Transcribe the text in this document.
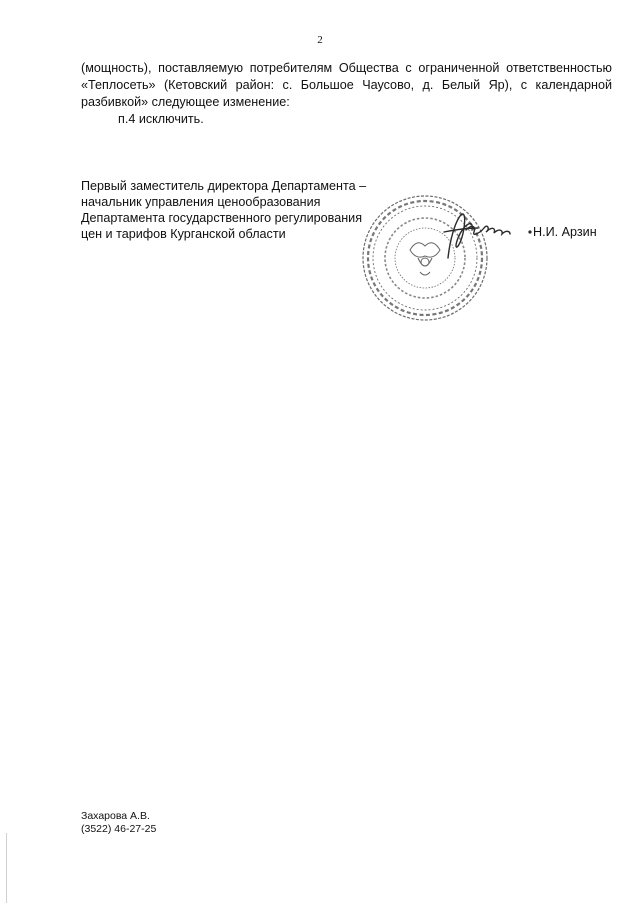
2

(мощность), поставляемую потребителям Общества с ограниченной ответственностью «Теплосеть» (Кетовский район: с. Большое Чаусово, д. Белый Яр), с календарной разбивкой» следующее изменение:

п.4 исключить.

Первый заместитель директора Департамента –
начальник управления ценообразования
Департамента государственного регулирования
цен и тарифов Курганской области	Н.И. Арзин
Захарова А.В.
(3522) 46-27-25
